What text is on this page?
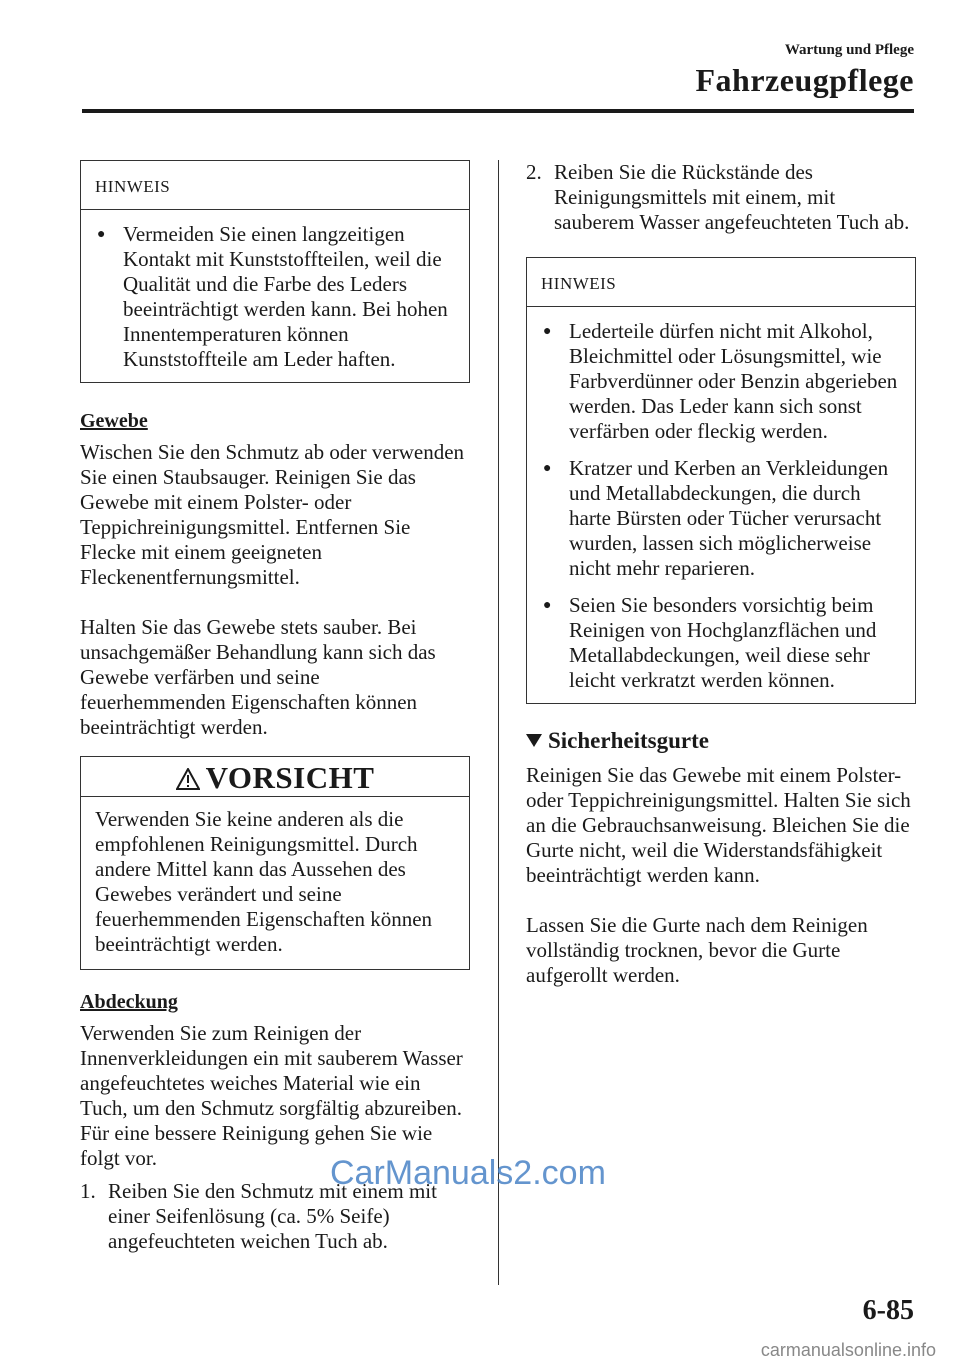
Wartung und Pflege
Fahrzeugpflege
HINWEIS
● Vermeiden Sie einen langzeitigen Kontakt mit Kunststoffteilen, weil die Qualität und die Farbe des Leders beeinträchtigt werden kann. Bei hohen Innentemperaturen können Kunststoffteile am Leder haften.
Gewebe

Wischen Sie den Schmutz ab oder verwenden Sie einen Staubsauger. Reinigen Sie das Gewebe mit einem Polster- oder Teppichreinigungsmittel. Entfernen Sie Flecke mit einem geeigneten Fleckenentfernungsmittel.

Halten Sie das Gewebe stets sauber. Bei unsachgemäßer Behandlung kann sich das Gewebe verfärben und seine feuerhemmenden Eigenschaften können beeinträchtigt werden.

VORSICHT
Verwenden Sie keine anderen als die empfohlenen Reinigungsmittel. Durch andere Mittel kann das Aussehen des Gewebes verändert und seine feuerhemmenden Eigenschaften können beeinträchtigt werden.
Abdeckung

Verwenden Sie zum Reinigen der Innenverkleidungen ein mit sauberem Wasser angefeuchtetes weiches Material wie ein Tuch, um den Schmutz sorgfältig abzureiben. Für eine bessere Reinigung gehen Sie wie folgt vor.

1. Reiben Sie den Schmutz mit einem mit einer Seifenlösung (ca. 5% Seife) angefeuchteten weichen Tuch ab.
2. Reiben Sie die Rückstände des Reinigungsmittels mit einem, mit sauberem Wasser angefeuchteten Tuch ab.
HINWEIS
● Lederteile dürfen nicht mit Alkohol, Bleichmittel oder Lösungsmittel, wie Farbverdünner oder Benzin abgerieben werden. Das Leder kann sich sonst verfärben oder fleckig werden.
● Kratzer und Kerben an Verkleidungen und Metallabdeckungen, die durch harte Bürsten oder Tücher verursacht wurden, lassen sich möglicherweise nicht mehr reparieren.
● Seien Sie besonders vorsichtig beim Reinigen von Hochglanzflächen und Metallabdeckungen, weil diese sehr leicht verkratzt werden können.
Sicherheitsgurte

Reinigen Sie das Gewebe mit einem Polster- oder Teppichreinigungsmittel. Halten Sie sich an die Gebrauchsanweisung. Bleichen Sie die Gurte nicht, weil die Widerstandsfähigkeit beeinträchtigt werden kann.

Lassen Sie die Gurte nach dem Reinigen vollständig trocknen, bevor die Gurte aufgerollt werden.

CarManuals2.com
6-85
carmanualsonline.info
